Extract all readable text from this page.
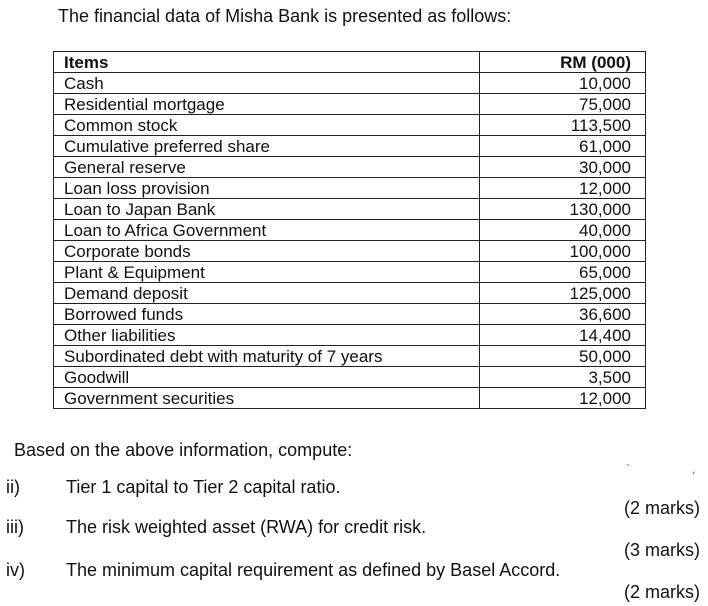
The financial data of Misha Bank is presented as follows:
Items	RM (000)
Cash	10,000
Residential mortgage	75,000
Common stock	113,500
Cumulative preferred share	61,000
General reserve	30,000
Loan loss provision	12,000
Loan to Japan Bank	130,000
Loan to Africa Government	40,000
Corporate bonds	100,000
Plant & Equipment	65,000
Demand deposit	125,000
Borrowed funds	36,600
Other liabilities	14,400
Subordinated debt with maturity of 7 years	50,000
Goodwill	3,500
Government securities	12,000
Based on the above information, compute:
`	,
ii)	Tier 1 capital to Tier 2 capital ratio.
(2 marks)
iii) The risk weighted asset (RWA) for credit risk.
(3 marks)
iv) The minimum capital requirement as defined by Basel Accord.
(2 marks)
